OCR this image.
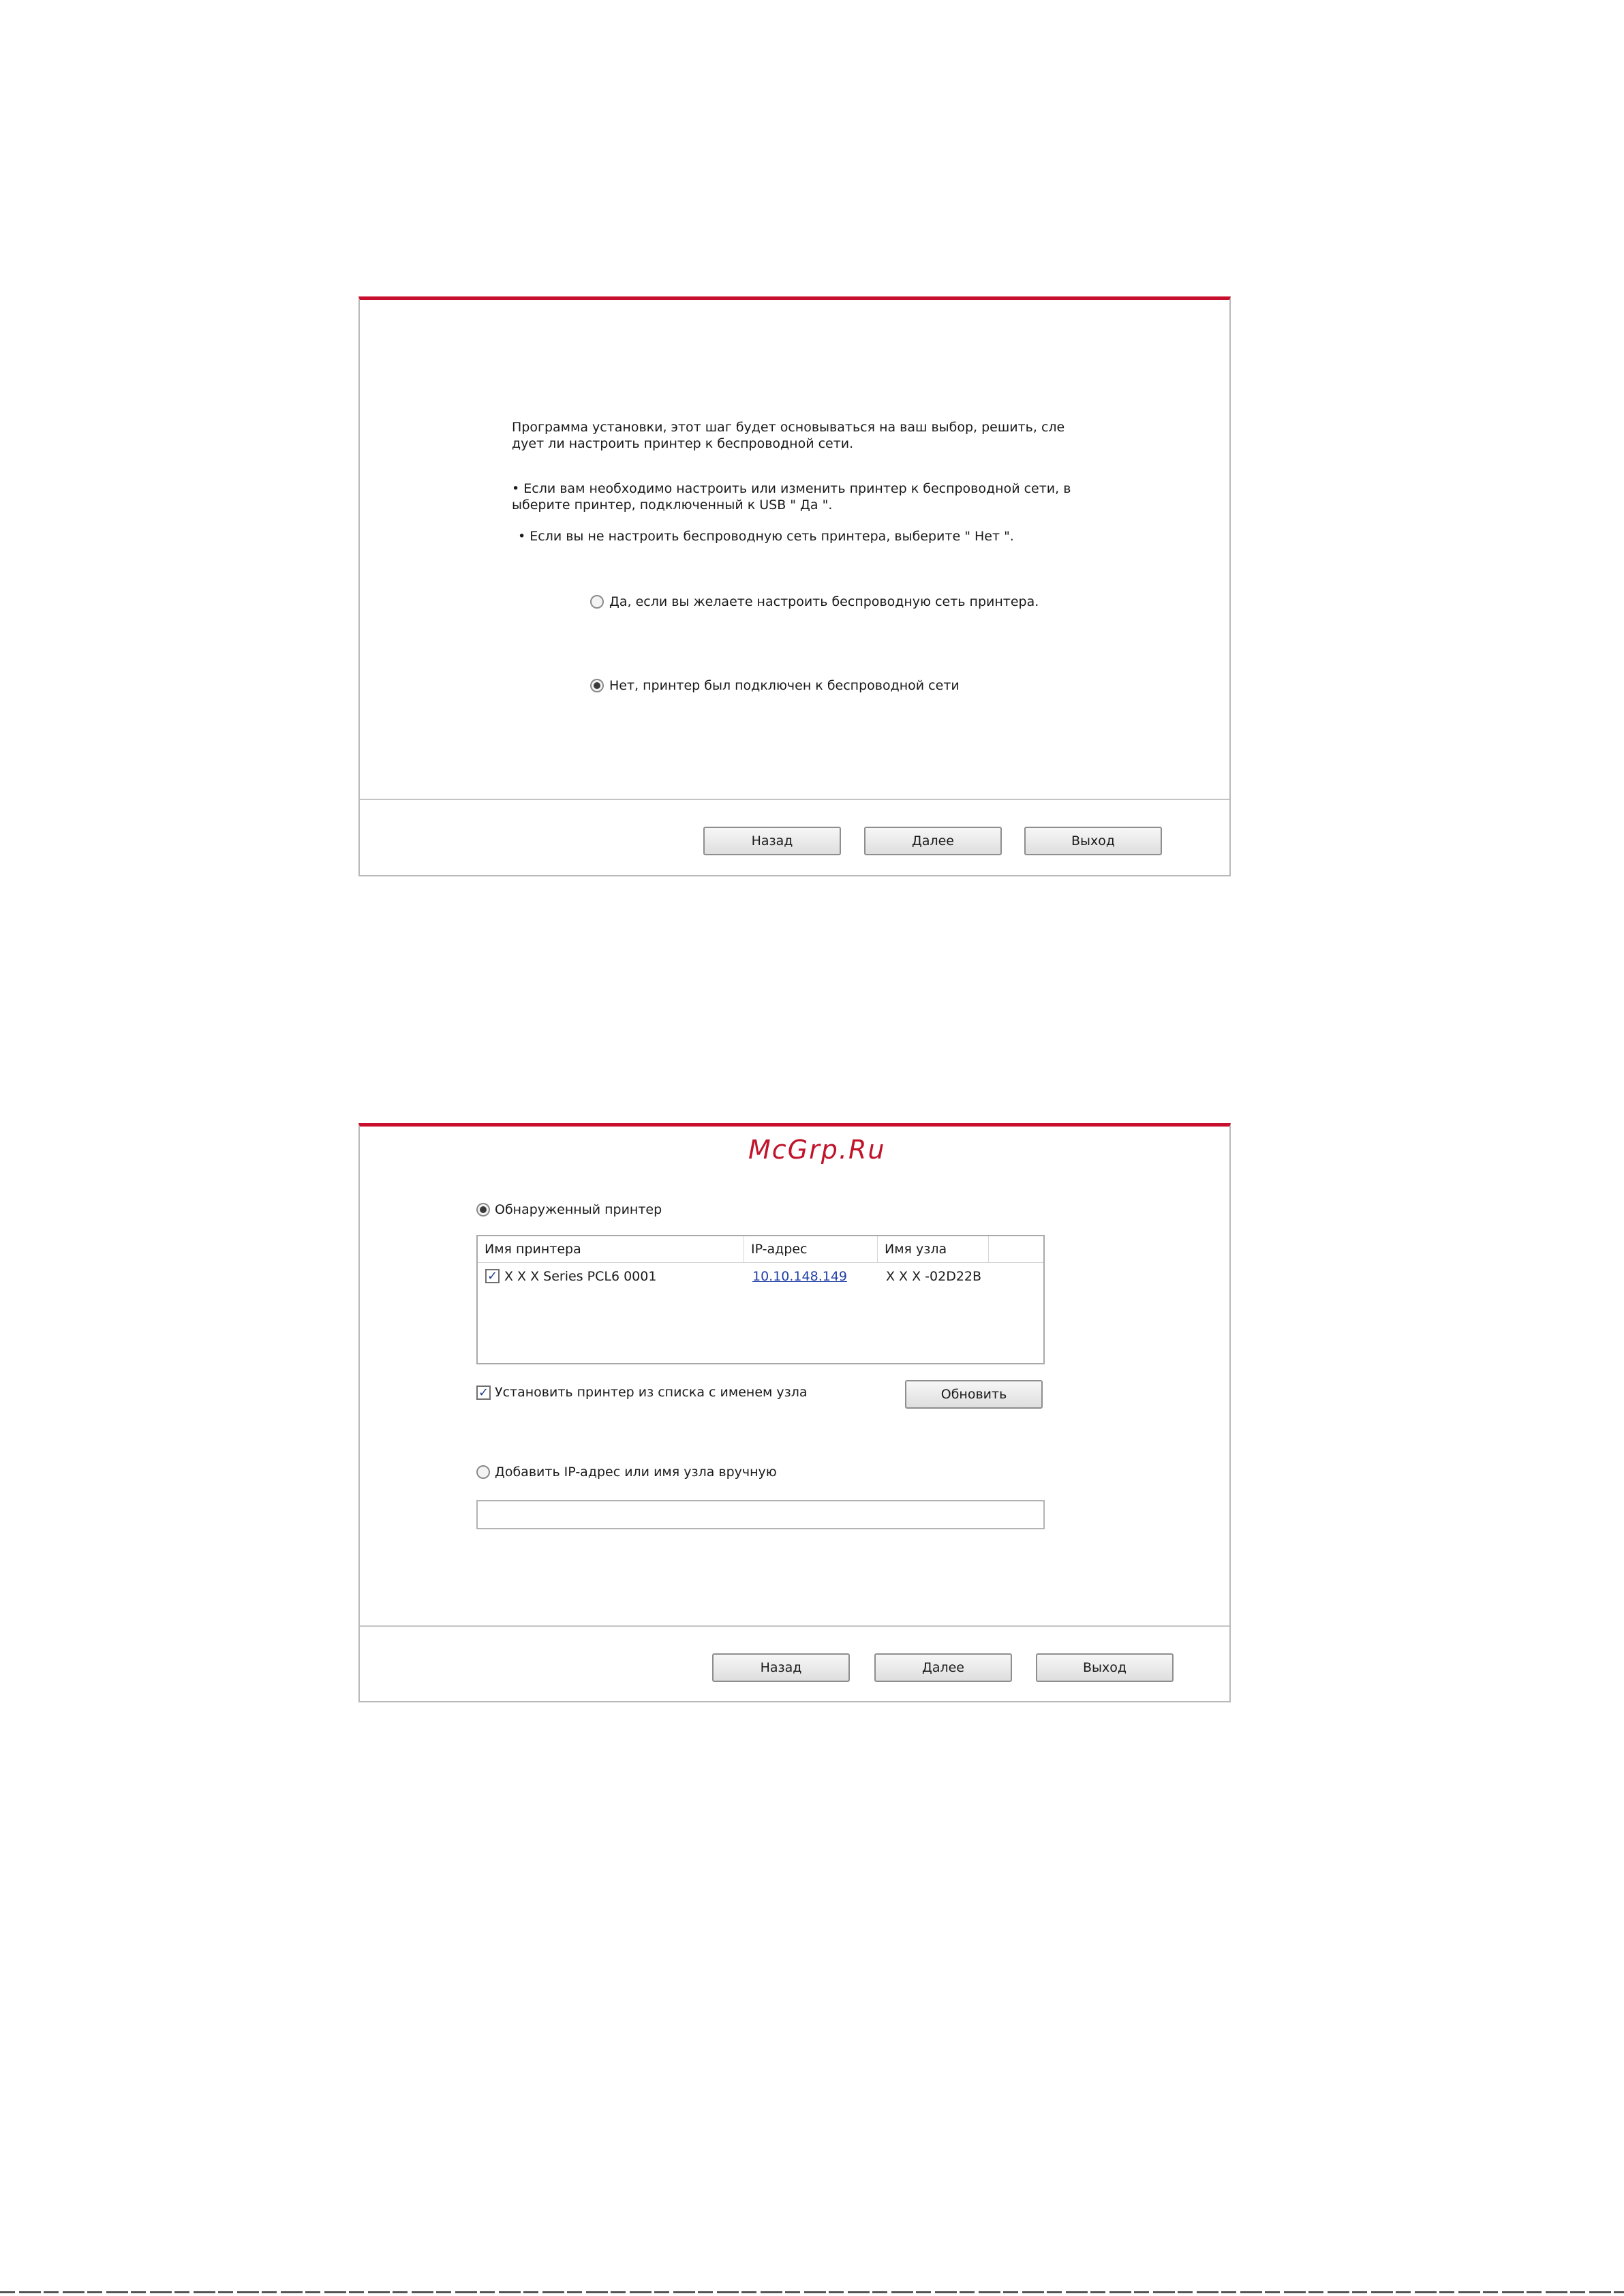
Программа установки, этот шаг будет основываться на ваш выбор, решить, сле
дует ли настроить принтер к беспроводной сети.
• Если вам необходимо настроить или изменить принтер к беспроводной сети, в
ыберите принтер, подключенный к USB " Да ".
• Если вы не настроить беспроводную сеть принтера, выберите " Нет ".
Да, если вы желаете настроить беспроводную сеть принтера.
Нет, принтер был подключен к беспроводной сети
Назад	Далее	Выход
McGrp.Ru
Обнаруженный принтер
Имя принтера	IP-адрес	Имя узла
✓ X X X Series PCL6 0001	10.10.148.149	X X X -02D22B
✓ Установить принтер из списка с именем узла	Обновить
Добавить IP-адрес или имя узла вручную
Назад	Далее	Выход
